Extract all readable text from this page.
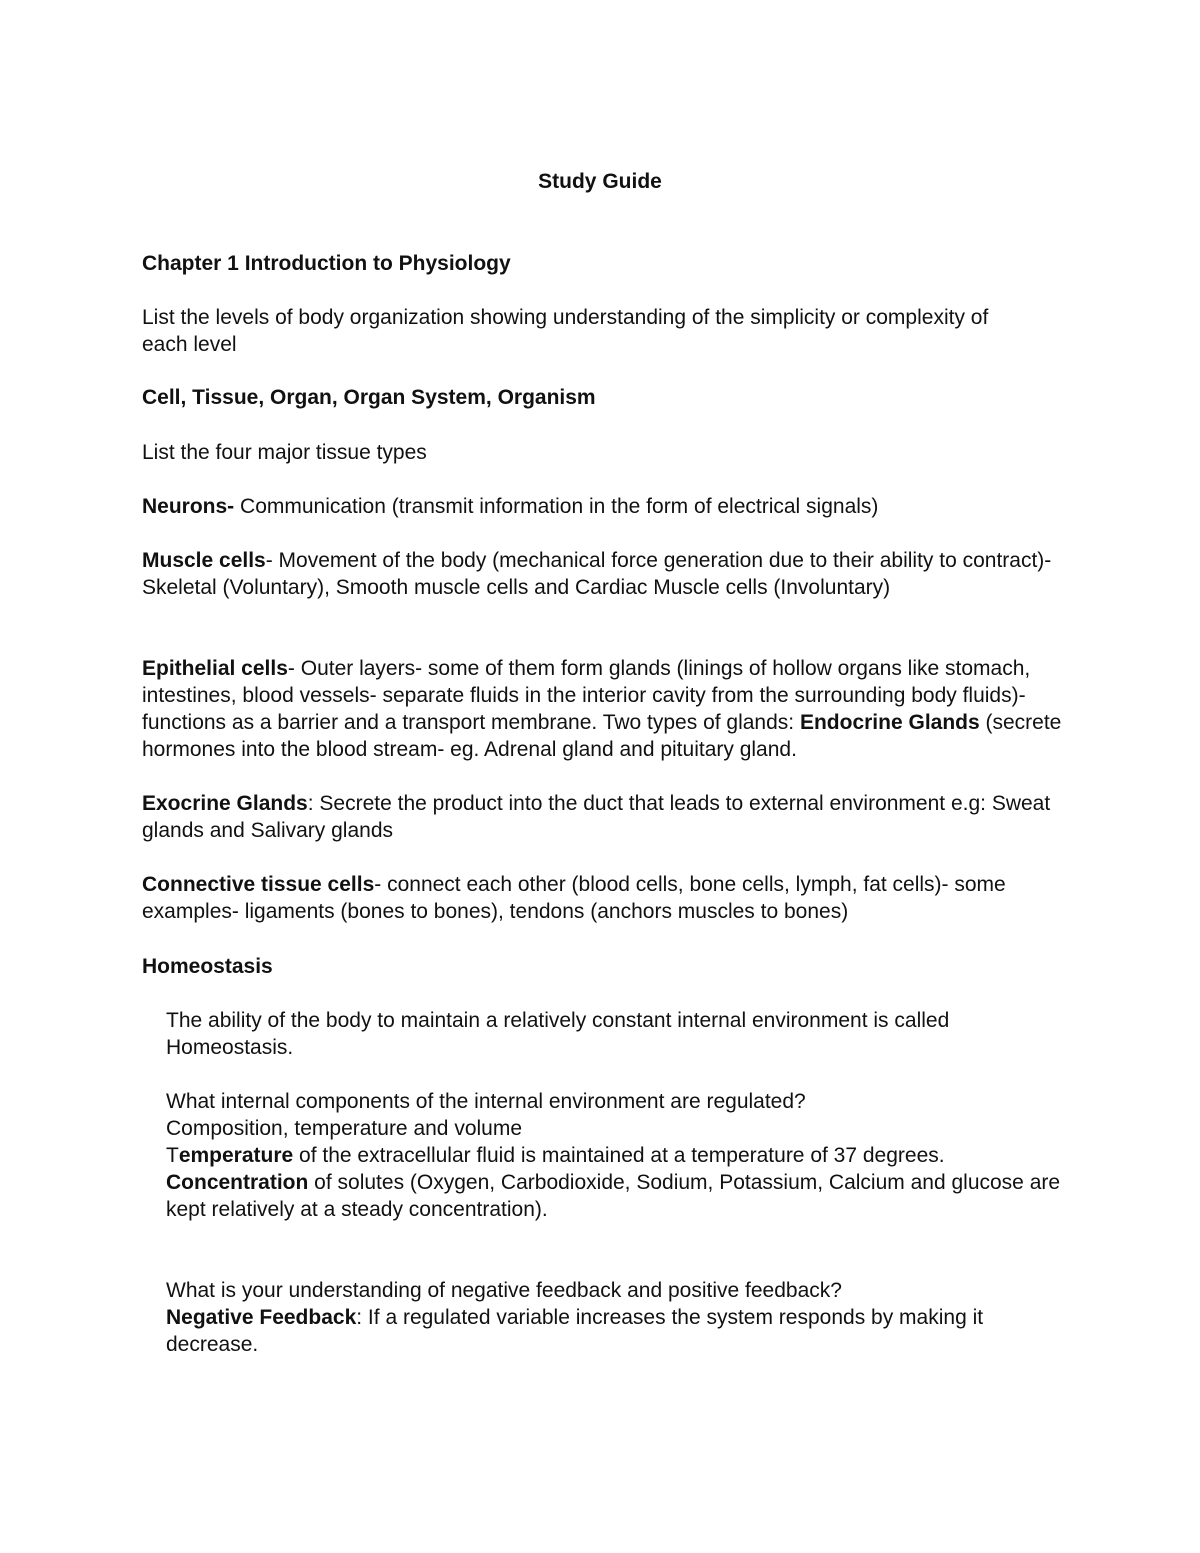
Study Guide

Chapter 1 Introduction to Physiology

List the levels of body organization showing understanding of the simplicity or complexity of each level

Cell, Tissue, Organ, Organ System, Organism

List the four major tissue types

Neurons- Communication (transmit information in the form of electrical signals)

Muscle cells- Movement of the body (mechanical force generation due to their ability to contract)- Skeletal (Voluntary), Smooth muscle cells and Cardiac Muscle cells (Involuntary)

Epithelial cells- Outer layers- some of them form glands (linings of hollow organs like stomach, intestines, blood vessels- separate fluids in the interior cavity from the surrounding body fluids)- functions as a barrier and a transport membrane. Two types of glands: Endocrine Glands (secrete hormones into the blood stream- eg. Adrenal gland and pituitary gland.

Exocrine Glands: Secrete the product into the duct that leads to external environment e.g: Sweat glands and Salivary glands

Connective tissue cells- connect each other (blood cells, bone cells, lymph, fat cells)- some examples- ligaments (bones to bones), tendons (anchors muscles to bones)

Homeostasis

The ability of the body to maintain a relatively constant internal environment is called Homeostasis.

What internal components of the internal environment are regulated?

Composition, temperature and volume

Temperature of the extracellular fluid is maintained at a temperature of 37 degrees.

Concentration of solutes (Oxygen, Carbodioxide, Sodium, Potassium, Calcium and glucose are kept relatively at a steady concentration).

What is your understanding of negative feedback and positive feedback?

Negative Feedback: If a regulated variable increases the system responds by making it decrease.
